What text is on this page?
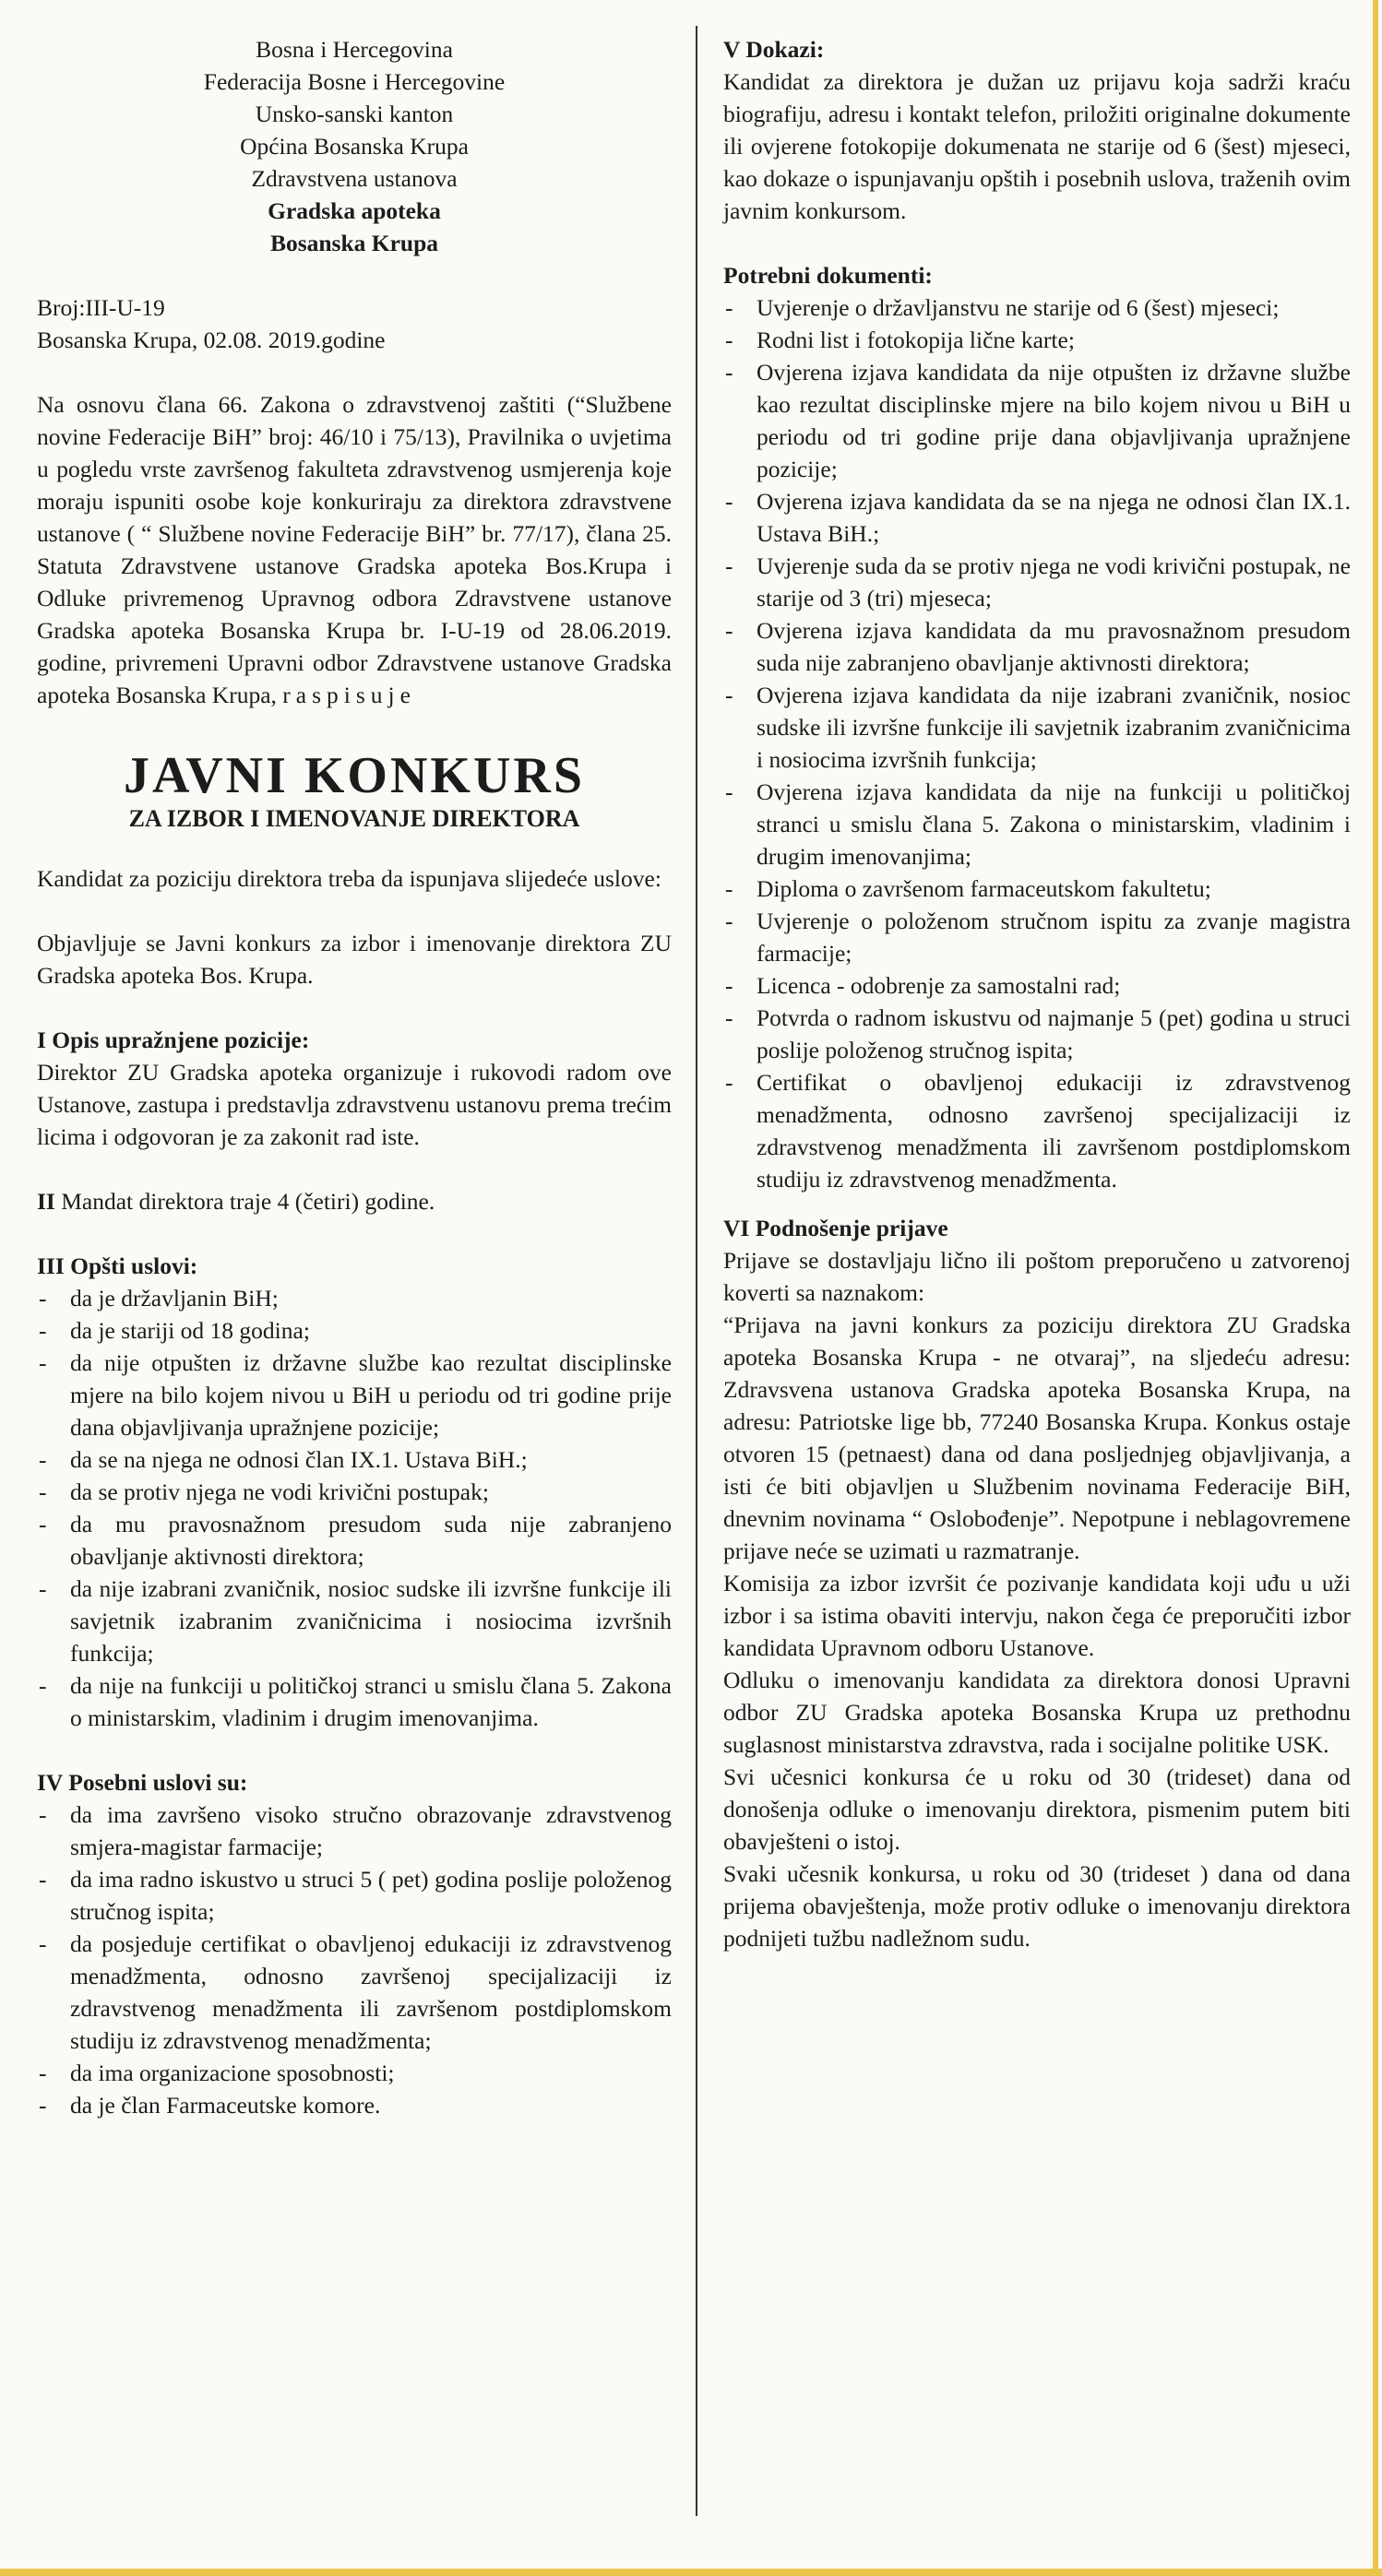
Bosna i Hercegovina

Federacija Bosne i Hercegovine

Unsko-sanski kanton

Općina Bosanska Krupa

Zdravstvena ustanova

Gradska apoteka

Bosanska Krupa

Broj:III-U-19

Bosanska Krupa, 02.08. 2019.godine

Na osnovu člana 66. Zakona o zdravstvenoj zaštiti (“Službene novine Federacije BiH” broj: 46/10 i 75/13), Pravilnika o uvjetima u pogledu vrste završenog fakulteta zdravstvenog usmjerenja koje moraju ispuniti osobe koje konkuriraju za direktora zdravstvene ustanove ( “ Službene novine Federacije BiH” br. 77/17), člana 25. Statuta Zdravstvene ustanove Gradska apoteka Bos.Krupa i Odluke privremenog Upravnog odbora Zdravstvene ustanove Gradska apoteka Bosanska Krupa br. I-U-19 od 28.06.2019. godine, privremeni Upravni odbor Zdravstvene ustanove Gradska apoteka Bosanska Krupa, raspisuje

JAVNI KONKURS
ZA IZBOR I IMENOVANJE DIREKTORA

Kandidat za poziciju direktora treba da ispunjava slijedeće uslove:

Objavljuje se Javni konkurs za izbor i imenovanje direktora ZU Gradska apoteka Bos. Krupa.

I Opis upražnjene pozicije:

Direktor ZU Gradska apoteka organizuje i rukovodi radom ove Ustanove, zastupa i predstavlja zdravstvenu ustanovu prema trećim licima i odgovoran je za zakonit rad iste.

II Mandat direktora traje 4 (četiri) godine.

III Opšti uslovi:

- da je državljanin BiH;
- da je stariji od 18 godina;
- da nije otpušten iz državne službe kao rezultat disciplinske mjere na bilo kojem nivou u BiH u periodu od tri godine prije dana objavljivanja upražnjene pozicije;
- da se na njega ne odnosi član IX.1. Ustava BiH.;
- da se protiv njega ne vodi krivični postupak;
- da mu pravosnažnom presudom suda nije zabranjeno obavljanje aktivnosti direktora;
- da nije izabrani zvaničnik, nosioc sudske ili izvršne funkcije ili savjetnik izabranim zvaničnicima i nosiocima izvršnih funkcija;
- da nije na funkciji u političkoj stranci u smislu člana 5. Zakona o ministarskim, vladinim i drugim imenovanjima.

IV Posebni uslovi su:

- da ima završeno visoko stručno obrazovanje zdravstvenog smjera-magistar farmacije;
- da ima radno iskustvo u struci 5 ( pet) godina poslije položenog stručnog ispita;
- da posjeduje certifikat o obavljenoj edukaciji iz zdravstvenog menadžmenta, odnosno završenoj specijalizaciji iz zdravstvenog menadžmenta ili završenom postdiplomskom studiju iz zdravstvenog menadžmenta;
- da ima organizacione sposobnosti;
- da je član Farmaceutske komore.

V Dokazi:

Kandidat za direktora je dužan uz prijavu koja sadrži kraću biografiju, adresu i kontakt telefon, priložiti originalne dokumente ili ovjerene fotokopije dokumenata ne starije od 6 (šest) mjeseci, kao dokaze o ispunjavanju opštih i posebnih uslova, traženih ovim javnim konkursom.

Potrebni dokumenti:

- Uvjerenje o državljanstvu ne starije od 6 (šest) mjeseci;
- Rodni list i fotokopija lične karte;
- Ovjerena izjava kandidata da nije otpušten iz državne službe kao rezultat disciplinske mjere na bilo kojem nivou u BiH u periodu od tri godine prije dana objavljivanja upražnjene pozicije;
- Ovjerena izjava kandidata da se na njega ne odnosi član IX.1. Ustava BiH.;
- Uvjerenje suda da se protiv njega ne vodi krivični postupak, ne starije od 3 (tri) mjeseca;
- Ovjerena izjava kandidata da mu pravosnažnom presudom suda nije zabranjeno obavljanje aktivnosti direktora;
- Ovjerena izjava kandidata da nije izabrani zvaničnik, nosioc sudske ili izvršne funkcije ili savjetnik izabranim zvaničnicima i nosiocima izvršnih funkcija;
- Ovjerena izjava kandidata da nije na funkciji u političkoj stranci u smislu člana 5. Zakona o ministarskim, vladinim i drugim imenovanjima;
- Diploma o završenom farmaceutskom fakultetu;
- Uvjerenje o položenom stručnom ispitu za zvanje magistra farmacije;
- Licenca - odobrenje za samostalni rad;
- Potvrda o radnom iskustvu od najmanje 5 (pet) godina u struci poslije položenog stručnog ispita;
- Certifikat o obavljenoj edukaciji iz zdravstvenog menadžmenta, odnosno završenoj specijalizaciji iz zdravstvenog menadžmenta ili završenom postdiplomskom studiju iz zdravstvenog menadžmenta.

VI Podnošenje prijave

Prijave se dostavljaju lično ili poštom preporučeno u zatvorenoj koverti sa naznakom:

“Prijava na javni konkurs za poziciju direktora ZU Gradska apoteka Bosanska Krupa - ne otvaraj”, na sljedeću adresu: Zdravsvena ustanova Gradska apoteka Bosanska Krupa, na adresu: Patriotske lige bb, 77240 Bosanska Krupa. Konkus ostaje otvoren 15 (petnaest) dana od dana posljednjeg objavljivanja, a isti će biti objavljen u Službenim novinama Federacije BiH, dnevnim novinama “ Oslobođenje”. Nepotpune i neblagovremene prijave neće se uzimati u razmatranje.

Komisija za izbor izvršit će pozivanje kandidata koji uđu u uži izbor i sa istima obaviti intervju, nakon čega će preporučiti izbor kandidata Upravnom odboru Ustanove.

Odluku o imenovanju kandidata za direktora donosi Upravni odbor ZU Gradska apoteka Bosanska Krupa uz prethodnu suglasnost ministarstva zdravstva, rada i socijalne politike USK.

Svi učesnici konkursa će u roku od 30 (trideset) dana od donošenja odluke o imenovanju direktora, pismenim putem biti obavješteni o istoj.

Svaki učesnik konkursa, u roku od 30 (trideset ) dana od dana prijema obavještenja, može protiv odluke o imenovanju direktora podnijeti tužbu nadležnom sudu.
